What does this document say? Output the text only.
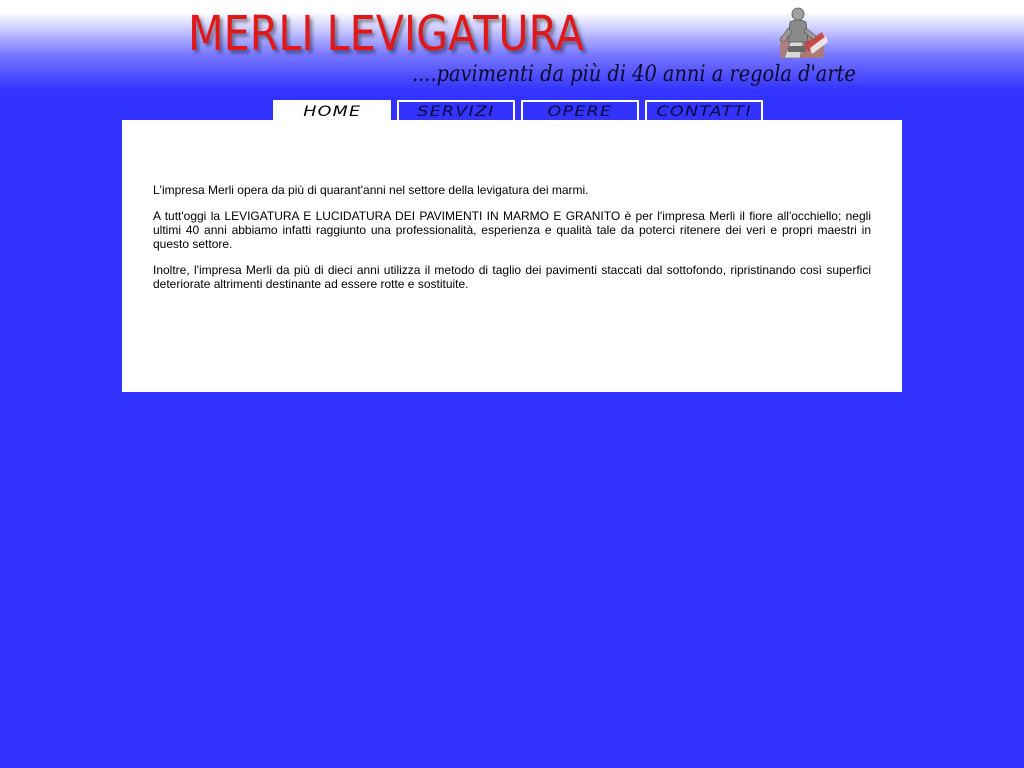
MERLI LEVIGATURA
....pavimenti da più di 40 anni a regola d'arte
HOME	SERVIZI	OPERE	CONTATTI

L'impresa Merli opera da più di quarant'anni nel settore della levigatura dei marmi.

A tutt'oggi la LEVIGATURA E LUCIDATURA DEI PAVIMENTI IN MARMO E GRANITO è per l'impresa Merli il fiore all'occhiello; negli ultimi 40 anni abbiamo infatti raggiunto una professionalità, esperienza e qualità tale da poterci ritenere dei veri e propri maestri in questo settore.

Inoltre, l'impresa Merli da più di dieci anni utilizza il metodo di taglio dei pavimenti staccati dal sottofondo, ripristinando così superfici deteriorate altrimenti destinante ad essere rotte e sostituite.
